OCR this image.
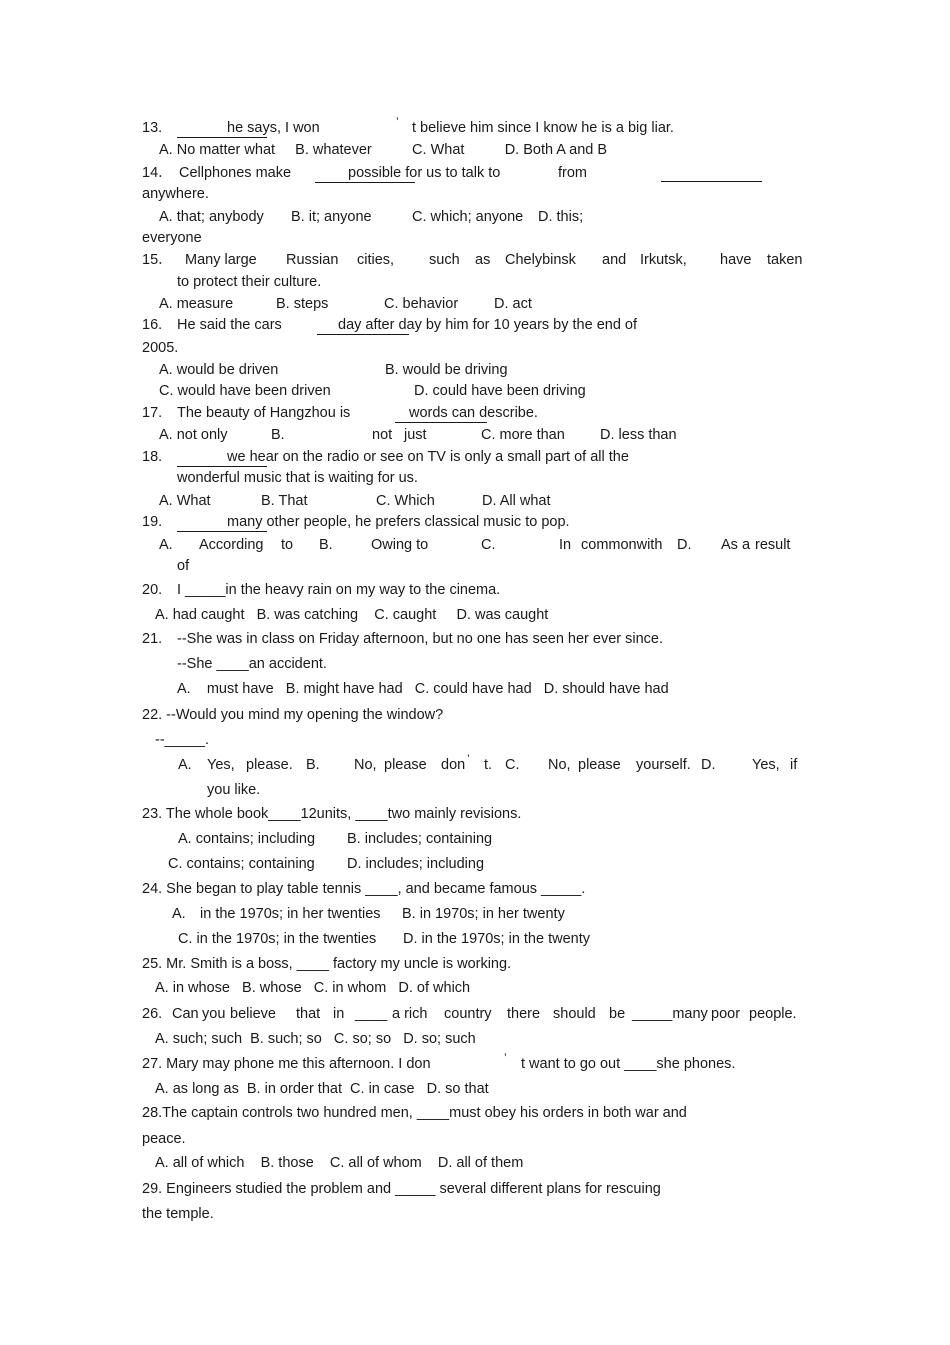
13.	he says, I won	’ t believe him since I know he is a big liar.
A. No matter what     B. whatever          C. What          D. Both A and B
14． Cellphones make	possible for us to talk to	from
anywhere.
A. that; anybody B. it; anyone	C. which; anyone D. this;
everyone
15． Many large Russian cities, such as Chelybinsk and Irkutsk, have taken
to protect their culture.
A. measure	B. steps	C. behavior D. act
16. He said the cars	day after day by him for 10 years by the end of
2005.
A. would be driven	B. would be driving
C. would have been driven	D. could have been driving
17. The beauty of Hangzhou is	words can describe.
A. not only	B.	not just	C. more than D. less than
18.	we hear on the radio or see on TV is only a small part of all the
wonderful music that is waiting for us.
A. What	B. That	C. Which	D. All what
19.	many other people, he prefers classical music to pop.
A. According to B.	Owing to	C.	In commonwith D. As a result
of
20. I _____in the heavy rain on my way to the cinema.
A. had caught   B. was catching    C. caught     D. was caught
21. --She was in class on Friday afternoon, but no one has seen her ever since.
--She ____an accident.
A.    must have   B. might have had   C. could have had   D. should have had
22. --Would you mind my opening the window?
--_____.
A. Yes, please. B. No, please don ’ t. C. No, please yourself. D.	Yes, if
you like.
23. The whole book____12units, ____two mainly revisions.
A. contains; including B. includes; containing
C. contains; containing D. includes; including
24. She began to play table tennis ____, and became famous _____.
A. in the 1970s; in her twenties B. in 1970s; in her twenty
C. in the 1970s; in the twenties D. in the 1970s; in the twenty
25. Mr. Smith is a boss, ____ factory my uncle is working.
A. in whose   B. whose   C. in whom   D. of which
26. Can you believe that in ____ a rich country there should be _____many poor people.
A. such; such  B. such; so   C. so; so   D. so; such
27. Mary may phone me this afternoon. I don	’ t want to go out ____she phones.
A. as long as  B. in order that  C. in case   D. so that
28.The captain controls two hundred men, ____must obey his orders in both war and
peace.
A. all of which    B. those    C. all of whom    D. all of them
29. Engineers studied the problem and _____ several different plans for rescuing
the temple.
